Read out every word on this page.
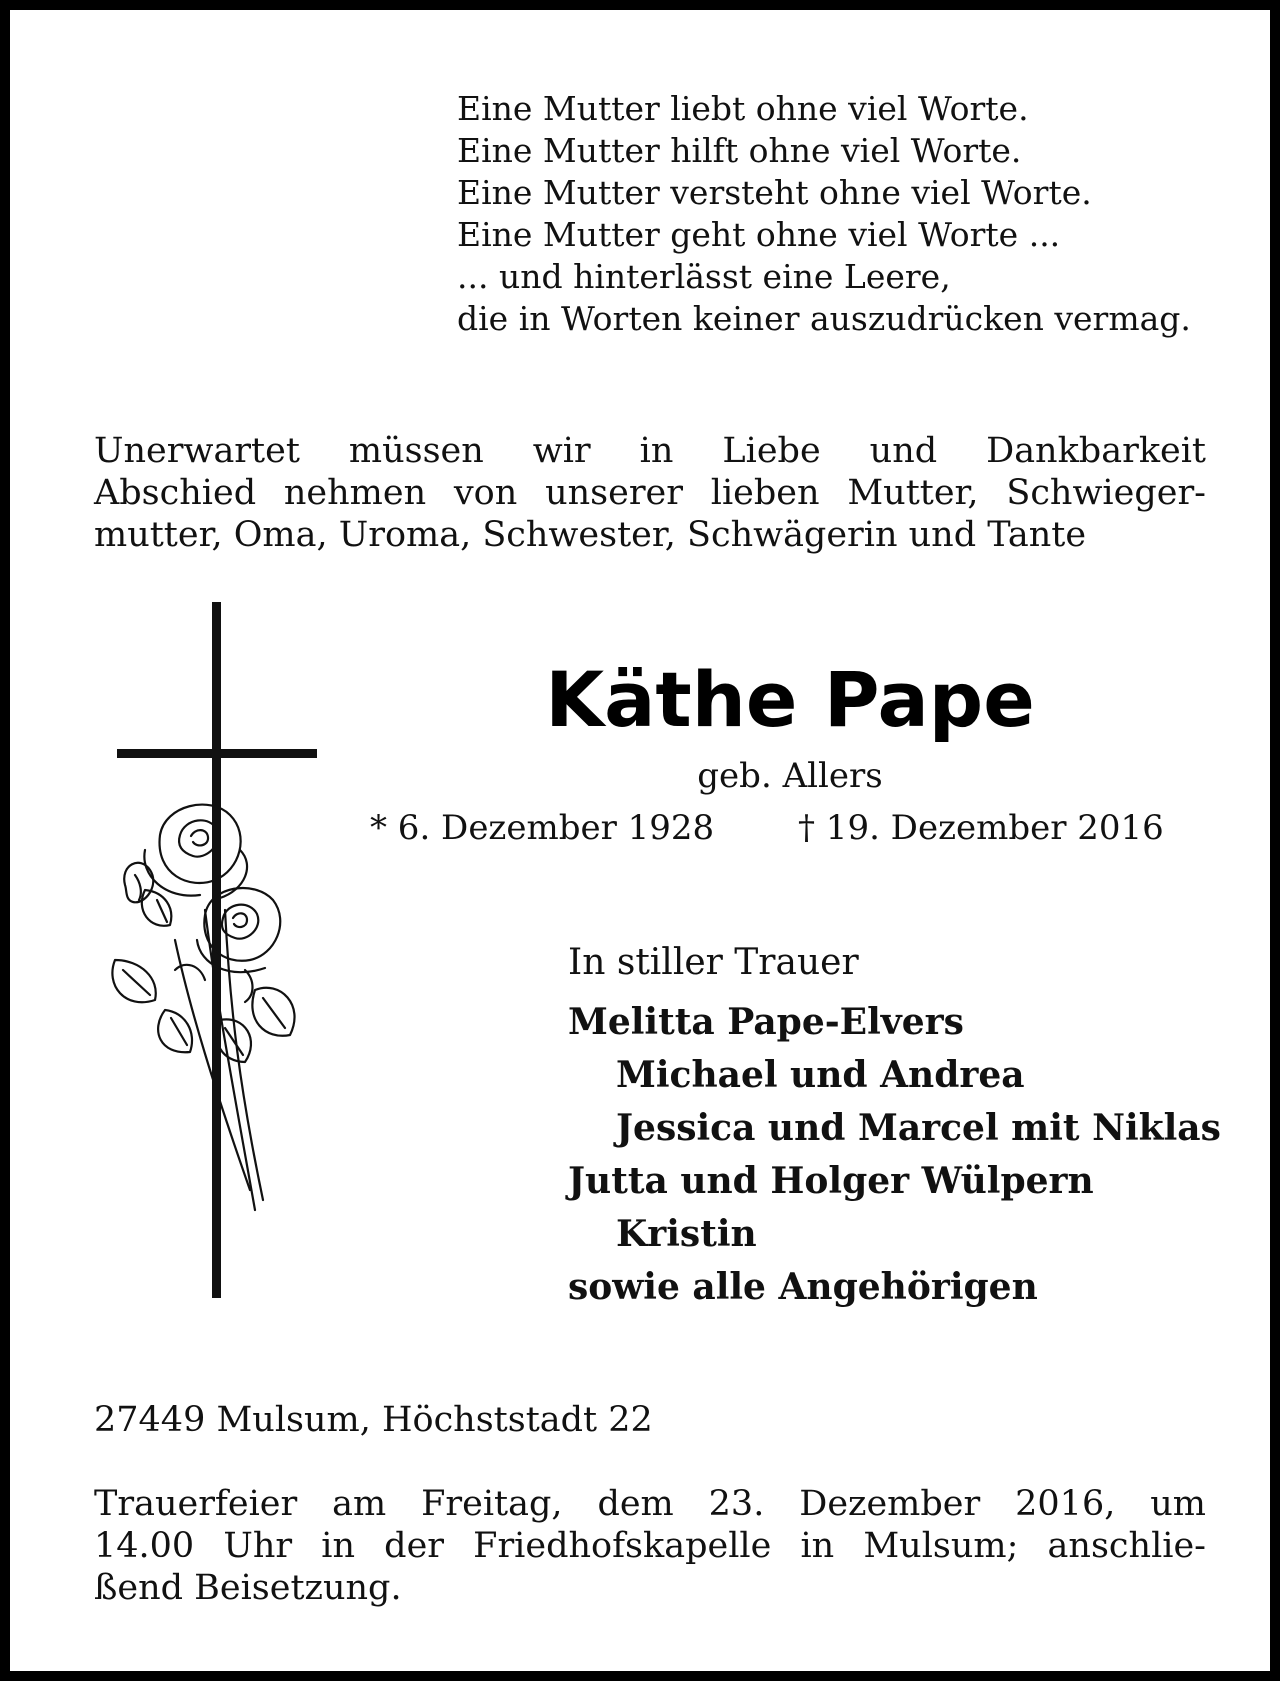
Eine Mutter liebt ohne viel Worte.
Eine Mutter hilft ohne viel Worte.
Eine Mutter versteht ohne viel Worte.
Eine Mutter geht ohne viel Worte ...
... und hinterlässt eine Leere,
die in Worten keiner auszudrücken vermag.
Unerwartet müssen wir in Liebe und Dankbarkeit
Abschied nehmen von unserer lieben Mutter, Schwieger-
mutter, Oma, Uroma, Schwester, Schwägerin und Tante
Käthe Pape
geb. Allers
* 6. Dezember 1928 † 19. Dezember 2016
In stiller Trauer
Melitta Pape-Elvers
Michael und Andrea
Jessica und Marcel mit Niklas
Jutta und Holger Wülpern
Kristin
sowie alle Angehörigen
27449 Mulsum, Höchststadt 22
Trauerfeier am Freitag, dem 23. Dezember 2016, um
14.00 Uhr in der Friedhofskapelle in Mulsum; anschlie-
ßend Beisetzung.
